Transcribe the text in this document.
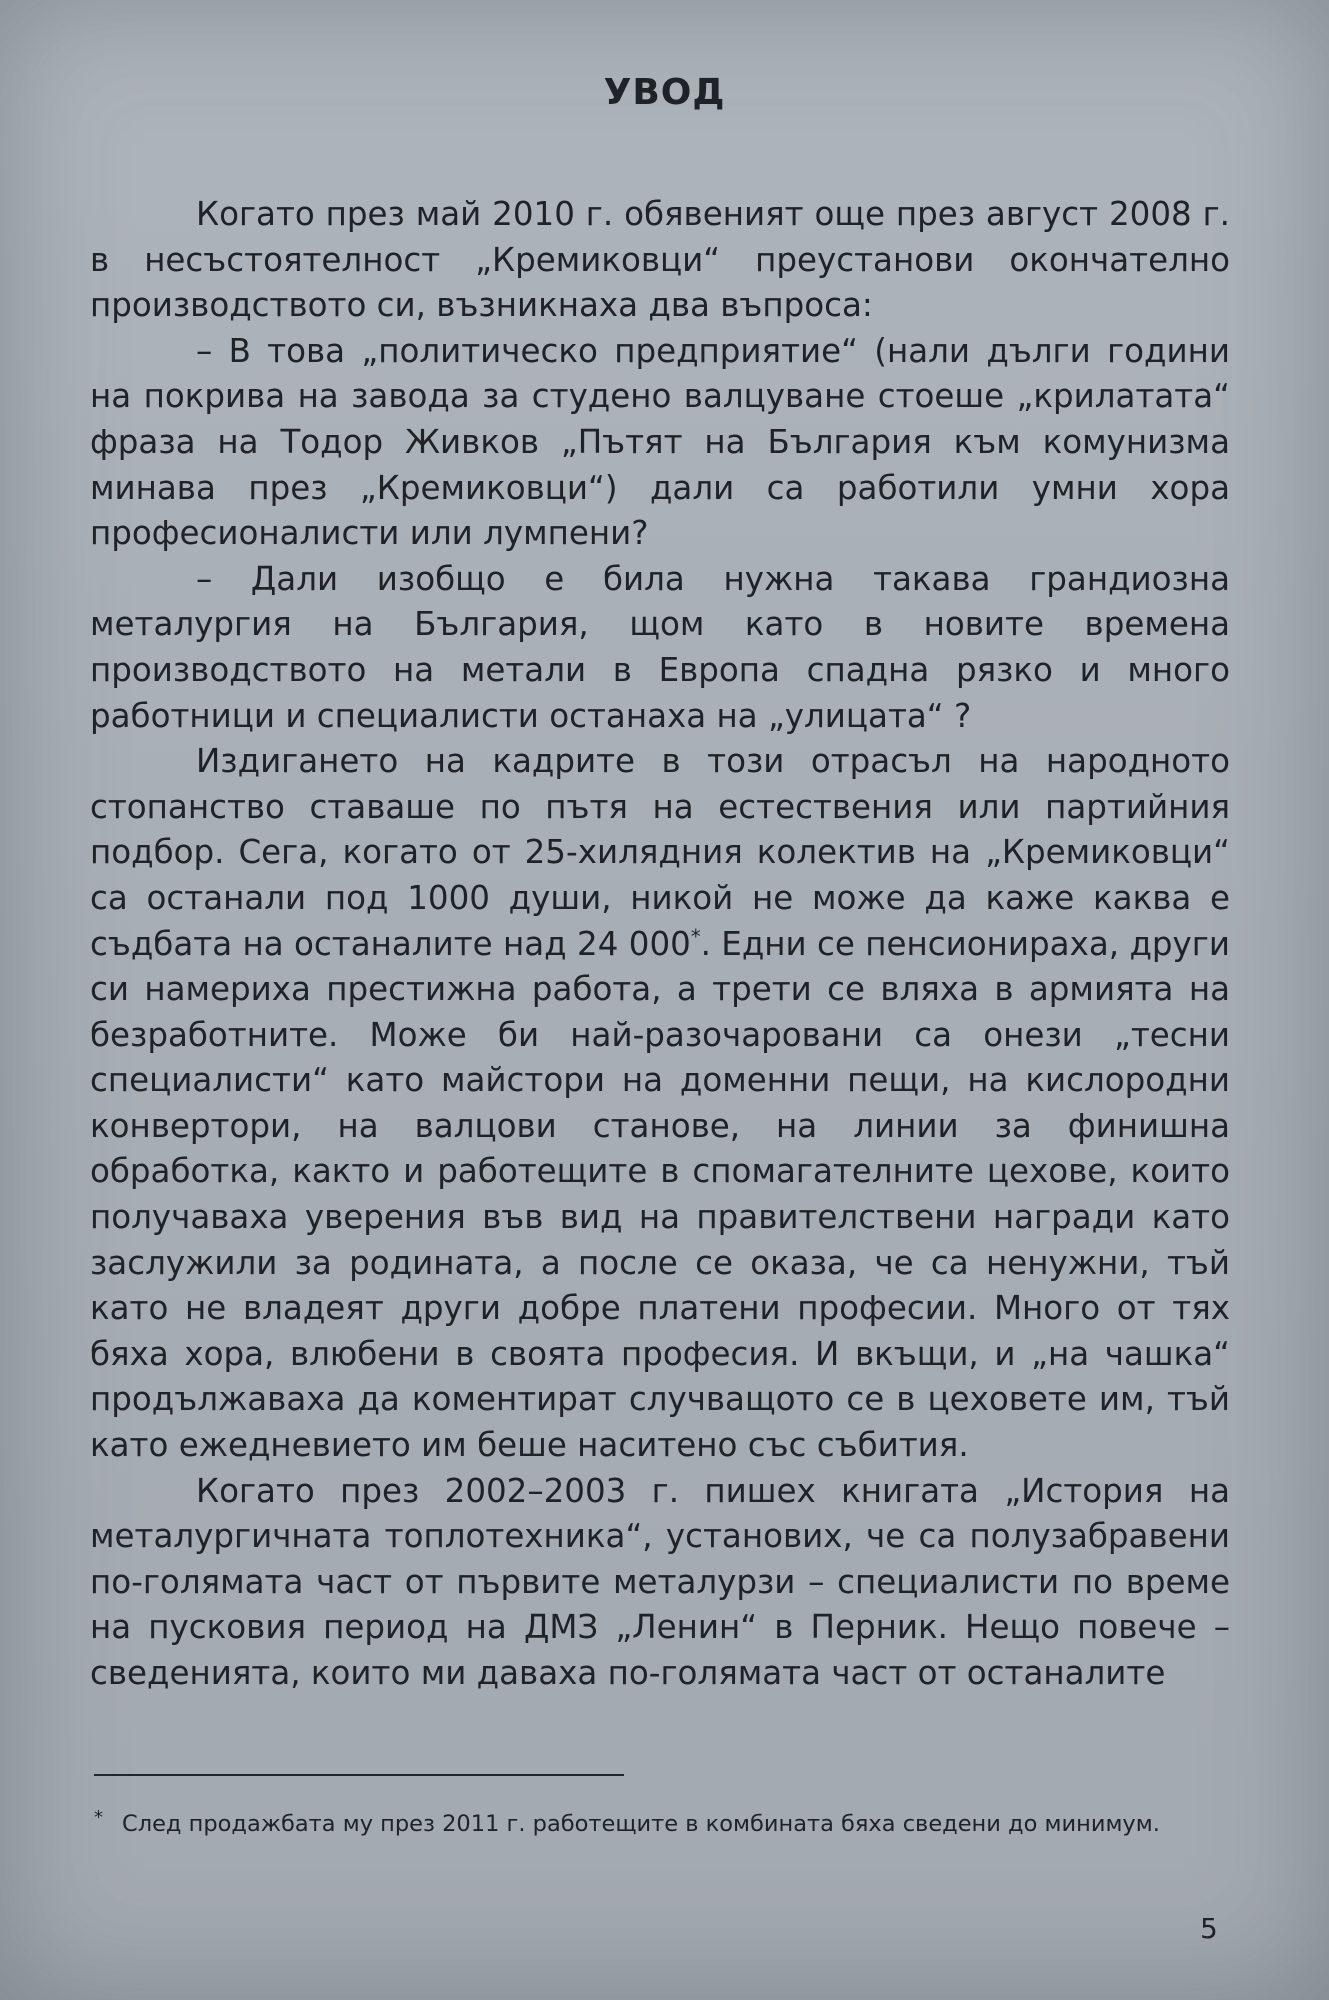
УВОД

Когато през май 2010 г. обявеният още през август 2008 г. в несъстоятелност „Кремиковци“ преустанови окончателно производството си, възникнаха два въпроса:

– В това „политическо предприятие“ (нали дълги години на покрива на завода за студено валцуване стоеше „крилатата“ фраза на Тодор Живков „Пътят на България към комунизма минава през „Кремиковци“) дали са работили умни хора професионалисти или лумпени?

– Дали изобщо е била нужна такава грандиозна металургия на България, щом като в новите времена производството на метали в Европа спадна рязко и много работници и специалисти останаха на „улицата“ ?

Издигането на кадрите в този отрасъл на народното стопанство ставаше по пътя на естествения или партийния подбор. Сега, когато от 25-хилядния колектив на „Кремиковци“ са останали под 1000 души, никой не може да каже каква е съдбата на останалите над 24 000*. Едни се пенсионираха, други си намериха престижна работа, а трети се вляха в армията на безработните. Може би най-разочаровани са онези „тесни специалисти“ като майстори на доменни пещи, на кислородни конвертори, на валцови станове, на линии за финишна обработка, както и работещите в спомагателните цехове, които получаваха уверения във вид на правителствени награди като заслужили за родината, а после се оказа, че са ненужни, тъй като не владеят други добре платени професии. Много от тях бяха хора, влюбени в своята професия. И вкъщи, и „на чашка“ продължаваха да коментират случващото се в цеховете им, тъй като ежедневието им беше наситено със събития.

Когато през 2002–2003 г. пишех книгата „История на металургичната топлотехника“, установих, че са полузабравени по-голямата част от първите металурзи – специалисти по време на пусковия период на ДМЗ „Ленин“ в Перник. Нещо повече – сведенията, които ми даваха по-голямата част от останалите

* След продажбата му през 2011 г. работещите в комбината бяха сведени до минимум.
5
